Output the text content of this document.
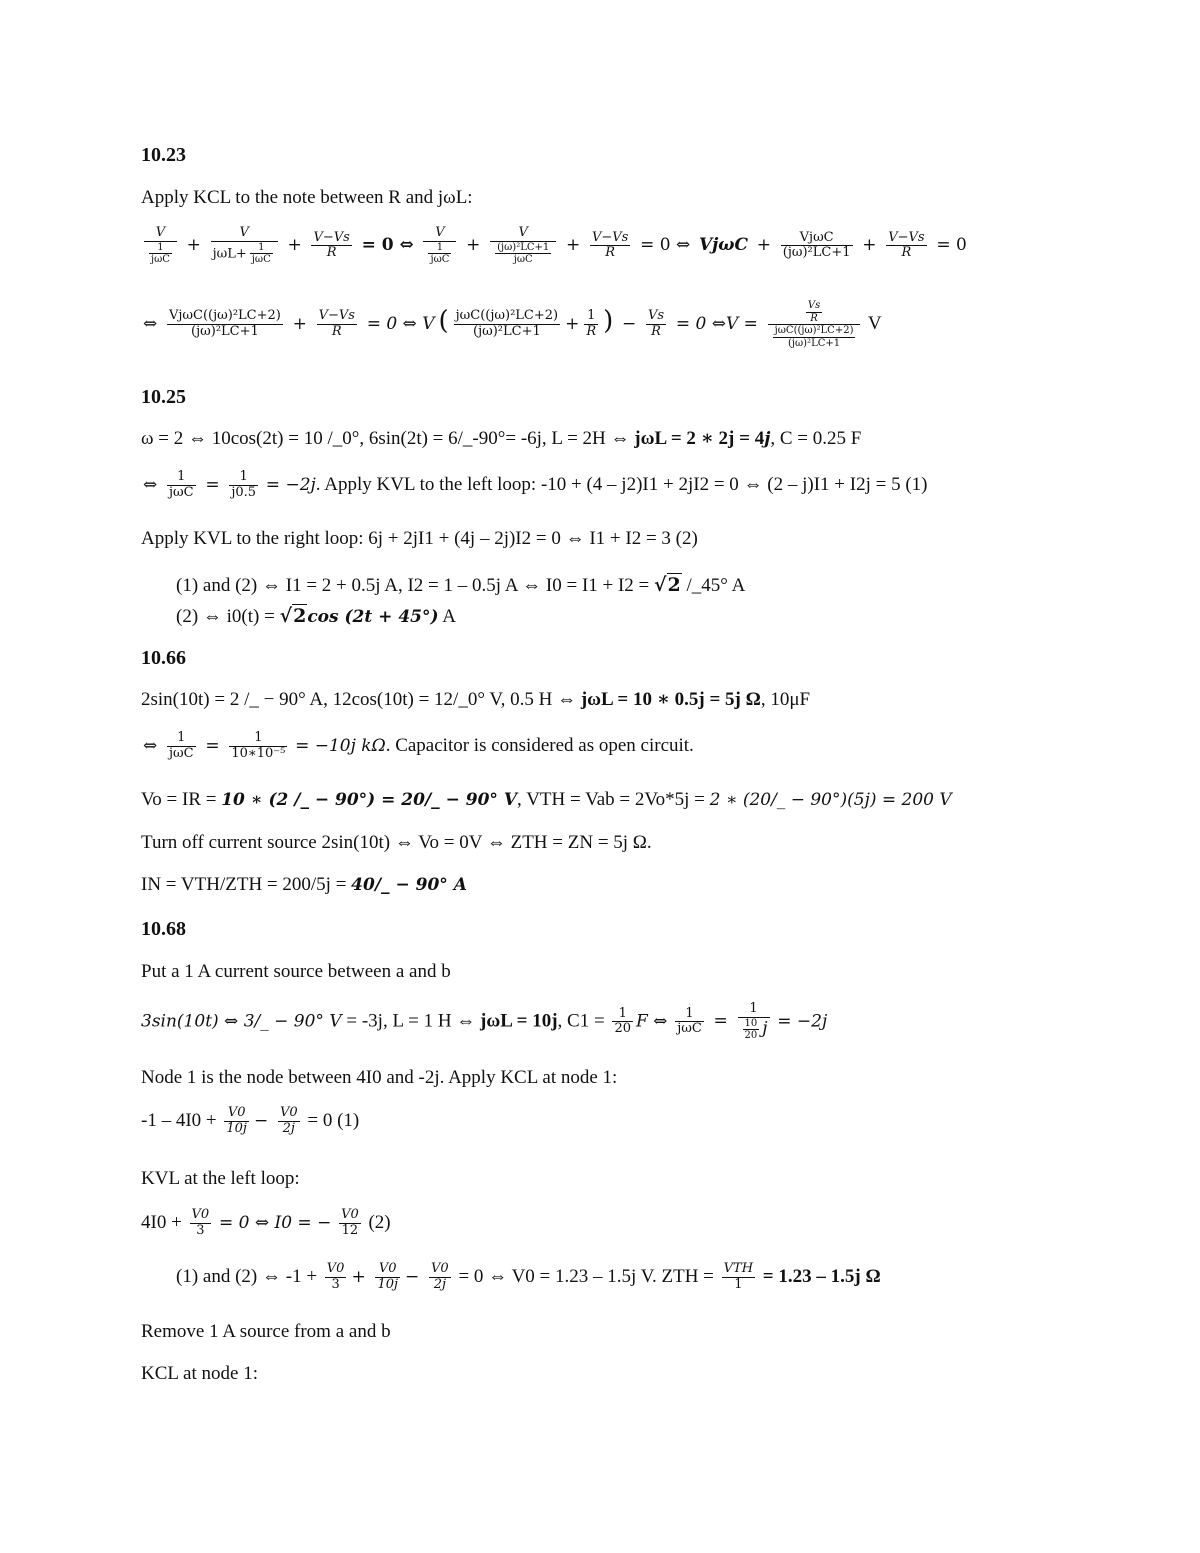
10.23
Apply KCL to the note between R and jωL:
$\frac{V}{\frac{1}{\text{jωC}}} + \frac{V}{j\omega L+ \frac{1}{\text{jωC}}} + \frac{V-Vs}{R} = 0$ ⇔ $\frac{V}{\frac{1}{\text{jωC}}} + \frac{V}{\frac{\text{(jω)²LC+1}}{\text{jωC}}} + \frac{V-Vs}{R} = 0$ ⇔ $Vj\omega C + \frac{\text{VjωC}}{\text{(jω)²LC+1}} + \frac{V-Vs}{R} = 0$
⇔ $\frac{\text{VjωC((jω)²LC+2)}}{\text{(jω)²LC+1}} + \frac{V-Vs}{R} = 0$ ⇔ V ( $\frac{\text{jωC((jω)²LC+2)}}{\text{(jω)²LC+1}} + \frac{1}{R}$ ) − $\frac{Vs}{R} = 0$ ⇔V = $\frac{\frac{Vs}{R}}{\frac{\text{jωC((jω)²LC+2)}}{\text{(jω)²LC+1}}}$ V
10.25
ω = 2 ⇔ 10cos(2t) = 10 /_0°, 6sin(2t) = 6/_-90°= -6j, L = 2H ⇔ jωL = 2 ∗ 2j = 4j, C = 0.25 F
⇔ $\frac{1}{\text{jωC}} = \frac{1}{j0.5} = -2j$. Apply KVL to the left loop: -10 + (4 – j2)I1 + 2jI2 = 0 ⇔ (2 – j)I1 + I2j = 5 (1)
Apply KVL to the right loop: 6j + 2jI1 + (4j – 2j)I2 = 0 ⇔ I1 + I2 = 3 (2)
(1) and (2) ⇔ I1 = 2 + 0.5j A, I2 = 1 – 0.5j A ⇔ I0 = I1 + I2 = √2 /_45° A
(2) ⇔ i0(t) = √2cos (2t + 45°) A
10.66
2sin(10t) = 2 /_ − 90° A, 12cos(10t) = 12/_0° V, 0.5 H ⇔ jωL = 10 ∗ 0.5j = 5j Ω, 10μF
⇔ $\frac{1}{\text{jωC}} = \frac{1}{\text{10∗10⁻⁵}} = -10j$ kΩ. Capacitor is considered as open circuit.
Vo = IR = 10 ∗ (2 /_ − 90°) = 20/_ − 90° V, VTH = Vab = 2Vo*5j = 2 ∗ (20/_ − 90°)(5j) = 200 V
Turn off current source 2sin(10t) ⇔ Vo = 0V ⇔ ZTH = ZN = 5j Ω.
IN = VTH/ZTH = 200/5j = 40/_ − 90° A
10.68
Put a 1 A current source between a and b
3sin(10t) ⇔ 3/_ − 90° V = -3j, L = 1 H ⇔ jωL = 10j, $C1 = \frac{1}{20}$ F ⇔ $\frac{1}{\text{jωC}} = \frac{1}{\frac{10}{20} j} = -2j$
Node 1 is the node between 4I0 and -2j. Apply KCL at node 1:
$-1 - 4I0 + \frac{V0}{10j} - \frac{V0}{2j} = 0$ (1)
KVL at the left loop:
$4I0 + \frac{V0}{3} = 0$ ⇔ I0 = − $\frac{V0}{12} (2)$
(1) and (2) ⇔ $-1 + \frac{V0}{3} + \frac{V0}{10j} - \frac{V0}{2j} = 0$ ⇔ V0 = 1.23 – 1.5j V. ZTH = $\frac{\text{VTH}}{1} = 1.23 - 1.5j$ Ω
Remove 1 A source from a and b
KCL at node 1:
